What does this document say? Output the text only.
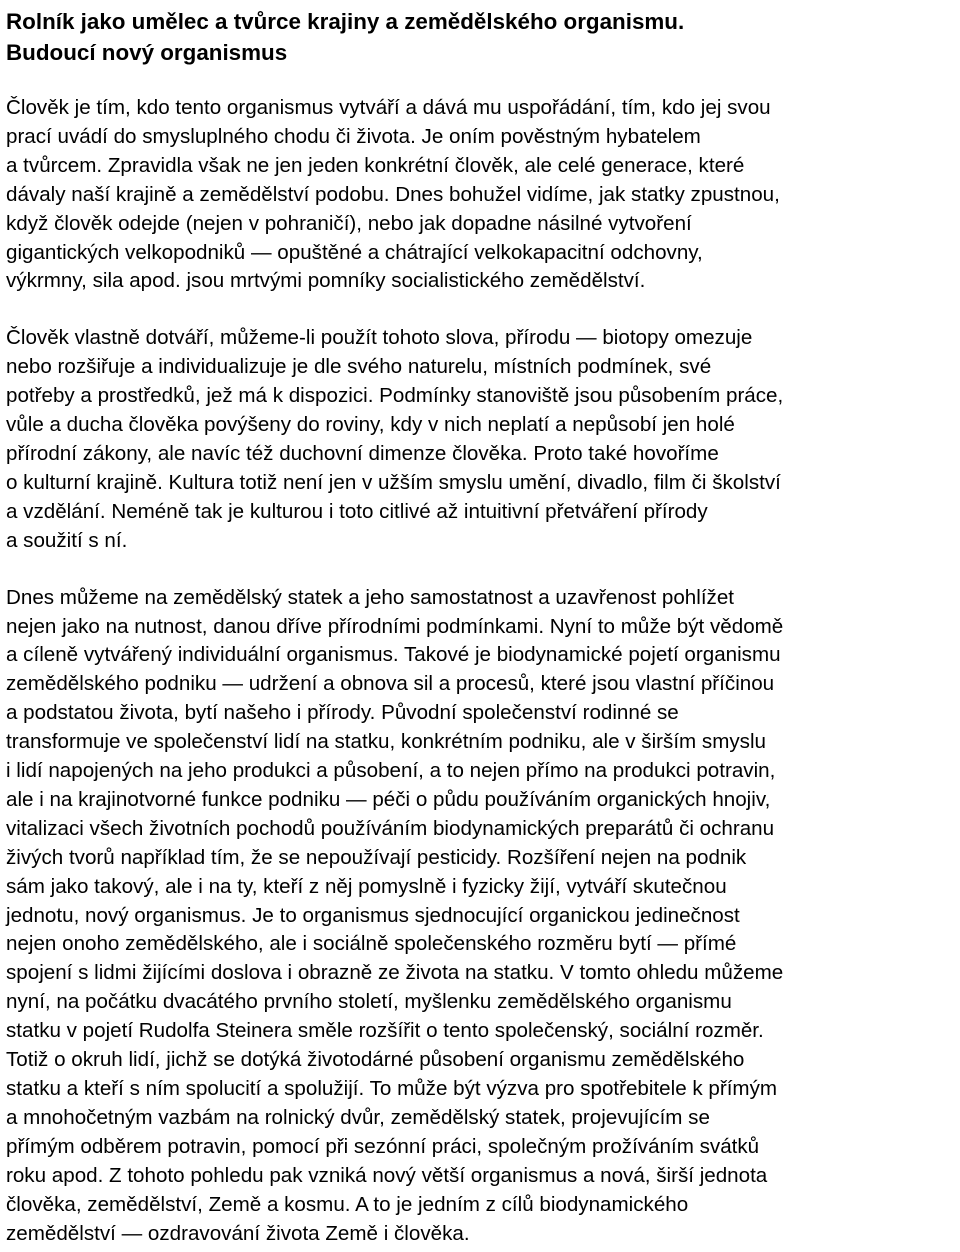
Rolník jako umělec a tvůrce krajiny a zemědělského organismu.
Budoucí nový organismus

Člověk je tím, kdo tento organismus vytváří a dává mu uspořádání, tím, kdo jej svou
prací uvádí do smysluplného chodu či života. Je oním pověstným hybatelem
a tvůrcem. Zpravidla však ne jen jeden konkrétní člověk, ale celé generace, které
dávaly naší krajině a zemědělství podobu. Dnes bohužel vidíme, jak statky zpustnou,
když člověk odejde (nejen v pohraničí), nebo jak dopadne násilné vytvoření
gigantických velkopodniků — opuštěné a chátrající velkokapacitní odchovny,
výkrmny, sila apod. jsou mrtvými pomníky socialistického zemědělství.

Člověk vlastně dotváří, můžeme-li použít tohoto slova, přírodu — biotopy omezuje
nebo rozšiřuje a individualizuje je dle svého naturelu, místních podmínek, své
potřeby a prostředků, jež má k dispozici. Podmínky stanoviště jsou působením práce,
vůle a ducha člověka povýšeny do roviny, kdy v nich neplatí a nepůsobí jen holé
přírodní zákony, ale navíc též duchovní dimenze člověka. Proto také hovoříme
o kulturní krajině. Kultura totiž není jen v užším smyslu umění, divadlo, film či školství
a vzdělání. Neméně tak je kulturou i toto citlivé až intuitivní přetváření přírody
a soužití s ní.

Dnes můžeme na zemědělský statek a jeho samostatnost a uzavřenost pohlížet
nejen jako na nutnost, danou dříve přírodními podmínkami. Nyní to může být vědomě
a cíleně vytvářený individuální organismus. Takové je biodynamické pojetí organismu
zemědělského podniku — udržení a obnova sil a procesů, které jsou vlastní příčinou
a podstatou života, bytí našeho i přírody. Původní společenství rodinné se
transformuje ve společenství lidí na statku, konkrétním podniku, ale v širším smyslu
i lidí napojených na jeho produkci a působení, a to nejen přímo na produkci potravin,
ale i na krajinotvorné funkce podniku — péči o půdu používáním organických hnojiv,
vitalizaci všech životních pochodů používáním biodynamických preparátů či ochranu
živých tvorů například tím, že se nepoužívají pesticidy. Rozšíření nejen na podnik
sám jako takový, ale i na ty, kteří z něj pomyslně i fyzicky žijí, vytváří skutečnou
jednotu, nový organismus. Je to organismus sjednocující organickou jedinečnost
nejen onoho zemědělského, ale i sociálně společenského rozměru bytí — přímé
spojení s lidmi žijícími doslova i obrazně ze života na statku. V tomto ohledu můžeme
nyní, na počátku dvacátého prvního století, myšlenku zemědělského organismu
statku v pojetí Rudolfa Steinera směle rozšířit o tento společenský, sociální rozměr.
Totiž o okruh lidí, jichž se dotýká životodárné působení organismu zemědělského
statku a kteří s ním spolucití a spolužijí. To může být výzva pro spotřebitele k přímým
a mnohočetným vazbám na rolnický dvůr, zemědělský statek, projevujícím se
přímým odběrem potravin, pomocí při sezónní práci, společným prožíváním svátků
roku apod. Z tohoto pohledu pak vzniká nový větší organismus a nová, širší jednota
člověka, zemědělství, Země a kosmu. A to je jedním z cílů biodynamického
zemědělství — ozdravování života Země i člověka.
